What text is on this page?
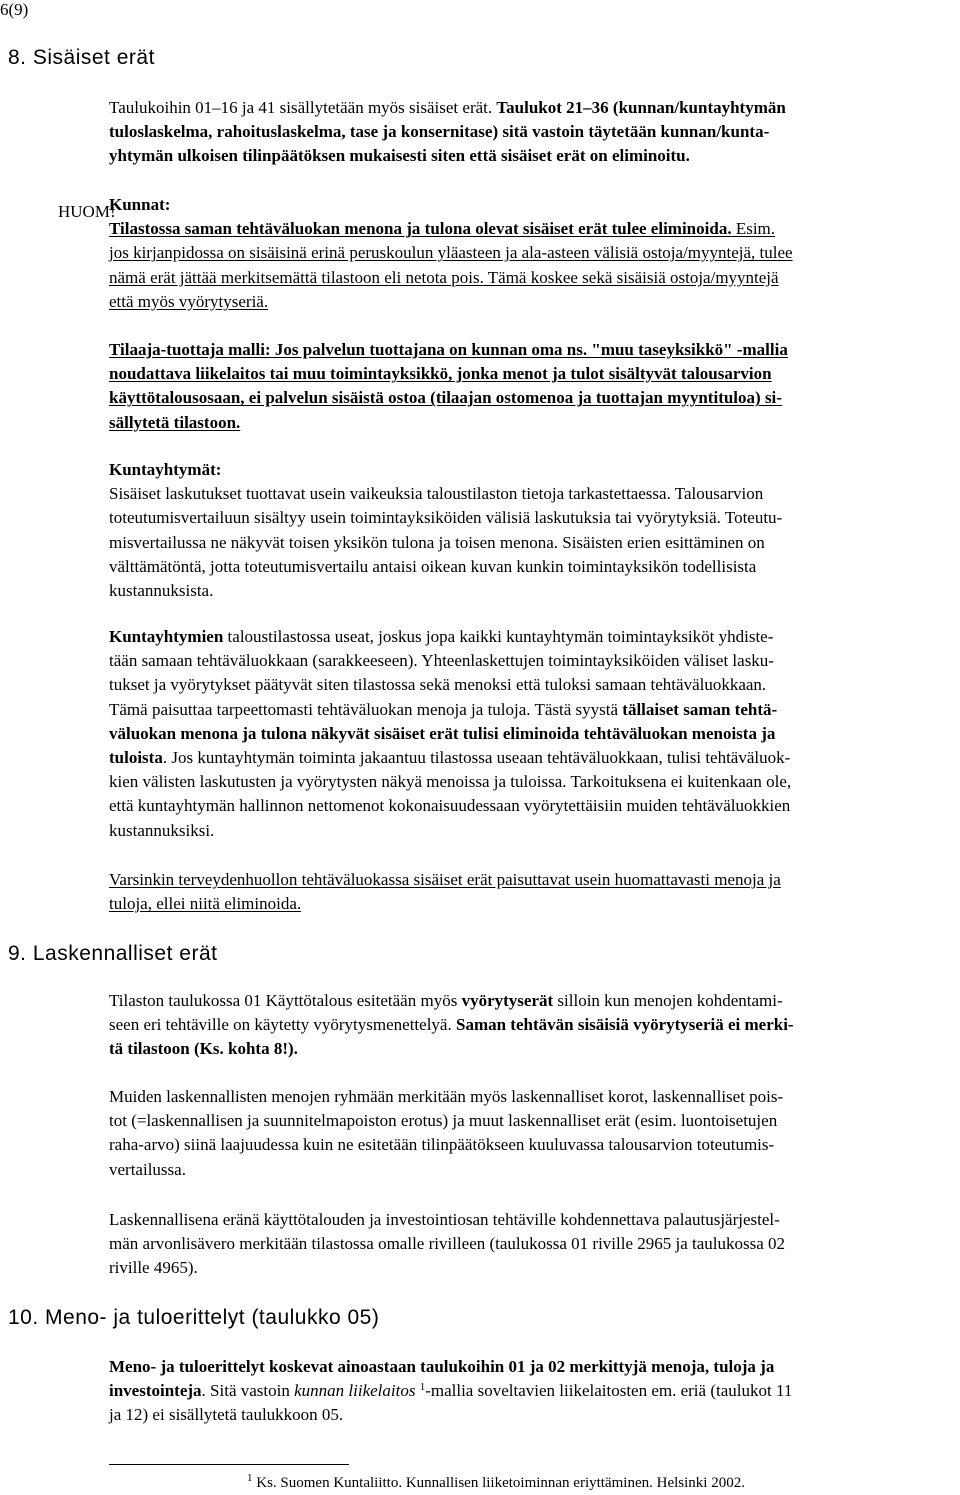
6(9)
8. Sisäiset erät

Taulukoihin 01–16 ja 41 sisällytetään myös sisäiset erät. Taulukot 21–36 (kunnan/kuntayhtymän

tuloslaskelma, rahoituslaskelma, tase ja konsernitase) sitä vastoin täytetään kunnan/kunta-

yhtymän ulkoisen tilinpäätöksen mukaisesti siten että sisäiset erät on eliminoitu.

HUOM!

Kunnat:

Tilastossa saman tehtäväluokan menona ja tulona olevat sisäiset erät tulee eliminoida. Esim.

jos kirjanpidossa on sisäisinä erinä peruskoulun yläasteen ja ala-asteen välisiä ostoja/myyntejä, tulee

nämä erät jättää merkitsemättä tilastoon eli netota pois. Tämä koskee sekä sisäisiä ostoja/myyntejä

että myös vyörytyseriä.

Tilaaja-tuottaja malli: Jos palvelun tuottajana on kunnan oma ns. "muu taseyksikkö" -mallia

noudattava liikelaitos tai muu toimintayksikkö, jonka menot ja tulot sisältyvät talousarvion

käyttötalousosaan, ei palvelun sisäistä ostoa (tilaajan ostomenoa ja tuottajan myyntituloa) si-

sällytetä tilastoon.

Kuntayhtymät:

Sisäiset laskutukset tuottavat usein vaikeuksia taloustilaston tietoja tarkastettaessa. Talousarvion

toteutumisvertailuun sisältyy usein toimintayksiköiden välisiä laskutuksia tai vyörytyksiä. Toteutu-

misvertailussa ne näkyvät toisen yksikön tulona ja toisen menona. Sisäisten erien esittäminen on

välttämätöntä, jotta toteutumisvertailu antaisi oikean kuvan kunkin toimintayksikön todellisista

kustannuksista.

Kuntayhtymien taloustilastossa useat, joskus jopa kaikki kuntayhtymän toimintayksiköt yhdiste-

tään samaan tehtäväluokkaan (sarakkeeseen). Yhteenlaskettujen toimintayksiköiden väliset lasku-

tukset ja vyörytykset päätyvät siten tilastossa sekä menoksi että tuloksi samaan tehtäväluokkaan.

Tämä paisuttaa tarpeettomasti tehtäväluokan menoja ja tuloja. Tästä syystä tällaiset saman tehtä-

väluokan menona ja tulona näkyvät sisäiset erät tulisi eliminoida tehtäväluokan menoista ja

tuloista. Jos kuntayhtymän toiminta jakaantuu tilastossa useaan tehtäväluokkaan, tulisi tehtäväluok-

kien välisten laskutusten ja vyörytysten näkyä menoissa ja tuloissa. Tarkoituksena ei kuitenkaan ole,

että kuntayhtymän hallinnon nettomenot kokonaisuudessaan vyörytettäisiin muiden tehtäväluokkien

kustannuksiksi.

Varsinkin terveydenhuollon tehtäväluokassa sisäiset erät paisuttavat usein huomattavasti menoja ja

tuloja, ellei niitä eliminoida.

9. Laskennalliset erät

Tilaston taulukossa 01 Käyttötalous esitetään myös vyörytyserät silloin kun menojen kohdentami-

seen eri tehtäville on käytetty vyörytysmenettelyä. Saman tehtävän sisäisiä vyörytyseriä ei merki-

tä tilastoon (Ks. kohta 8!).

Muiden laskennallisten menojen ryhmään merkitään myös laskennalliset korot, laskennalliset pois-

tot (=laskennallisen ja suunnitelmapoiston erotus) ja muut laskennalliset erät (esim. luontoisetujen

raha-arvo) siinä laajuudessa kuin ne esitetään tilinpäätökseen kuuluvassa talousarvion toteutumis-

vertailussa.

Laskennallisena eränä käyttötalouden ja investointiosan tehtäville kohdennettava palautusjärjestel-

män arvonlisävero merkitään tilastossa omalle rivilleen (taulukossa 01 riville 2965 ja taulukossa 02

riville 4965).

10. Meno- ja tuloerittelyt (taulukko 05)

Meno- ja tuloerittelyt koskevat ainoastaan taulukoihin 01 ja 02 merkittyjä menoja, tuloja ja

investointeja. Sitä vastoin kunnan liikelaitos $^1$-mallia soveltavien liikelaitosten em. eriä (taulukot 11

ja 12) ei sisällytetä taulukkoon 05.

$^1$ Ks. Suomen Kuntaliitto. Kunnallisen liiketoiminnan eriyttäminen. Helsinki 2002.
